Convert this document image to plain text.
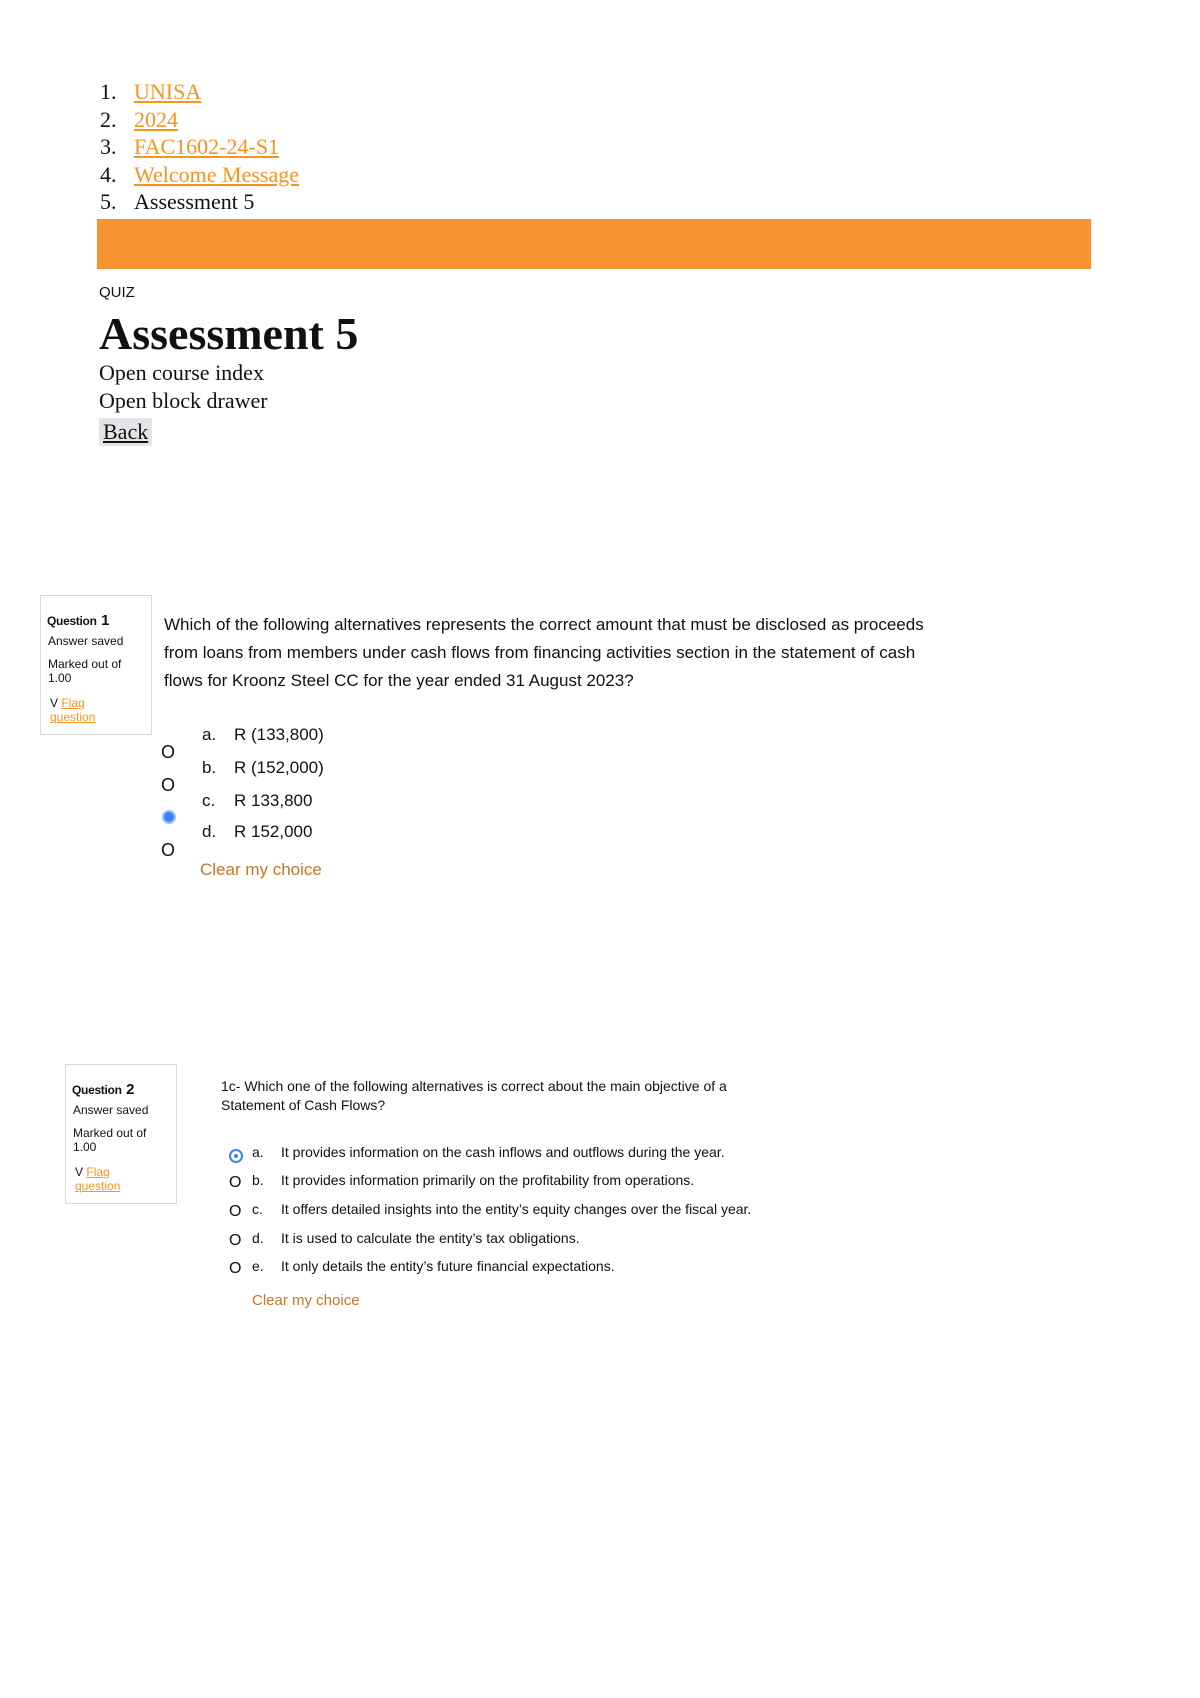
1. UNISA
2. 2024
3. FAC1602-24-S1
4. Welcome Message
5. Assessment 5
QUIZ
Assessment 5
Open course index
Open block drawer
Back
Question 1
Answer saved
Marked out of
1.00
V Flag
question
Which of the following alternatives represents the correct amount that must be disclosed as proceeds
from loans from members under cash flows from financing activities section in the statement of cash
flows for Kroonz Steel CC for the year ended 31 August 2023?
O
O
O
a. R (133,800)
b. R (152,000)
c. R 133,800
d. R 152,000
Clear my choice
Question 2
Answer saved
Marked out of
1.00
V Flag
question
1c- Which one of the following alternatives is correct about the main objective of a
Statement of Cash Flows?
O
O
O
O
a. It provides information on the cash inflows and outflows during the year.
b. It provides information primarily on the profitability from operations.
c. It offers detailed insights into the entity’s equity changes over the fiscal year.
d. It is used to calculate the entity’s tax obligations.
e. It only details the entity’s future financial expectations.
Clear my choice
